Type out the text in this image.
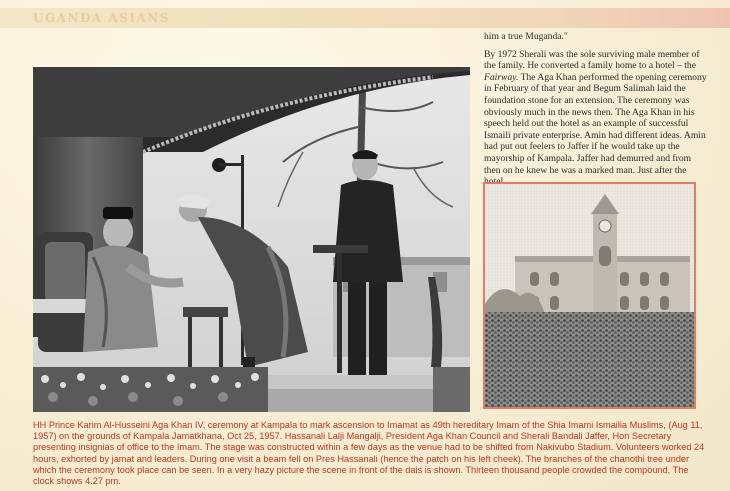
UGANDA ASIANS

him a true Muganda."

By 1972 Sherali was the sole surviving male member of the family. He converted a family home to a hotel – the Fairway. The Aga Khan performed the opening ceremony in February of that year and Begum Salimah laid the foundation stone for an extension. The ceremony was obviously much in the news then. The Aga Khan in his speech held out the hotel as an example of successful Ismaili private enterprise. Amin had different ideas. Amin had put out feelers to Jaffer if he would take up the mayorship of Kampala. Jaffer had demurred and from then on he knew he was a marked man. Just after the

HH Prince Karim Al-Husseini Aga Khan IV, ceremony at Kampala to mark ascension to Imamat as 49th hereditary Imam of the Shia Imami Ismailia Muslims, (Aug 11, 1957) on the grounds of Kampala Jamatkhana, Oct 25, 1957. Hassanali Lalji Mangalji, President Aga Khan Council and Sherali Bandali Jaffer, Hon Secretary presenting insignias of office to the Imam. The stage was constructed within a few days as the venue had to be shifted from Nakivubo Stadium. Volunteers worked 24 hours, exhorted by jamat and leaders. During one visit a beam fell on Pres Hassanali (hence the patch on his left cheek). The branches of the chanothi tree under which the ceremony took place can be seen. In a very hazy picture the scene in front of the dais is shown. Thirteen thousand people crowded the compound. The clock shows 4.27 pm.
